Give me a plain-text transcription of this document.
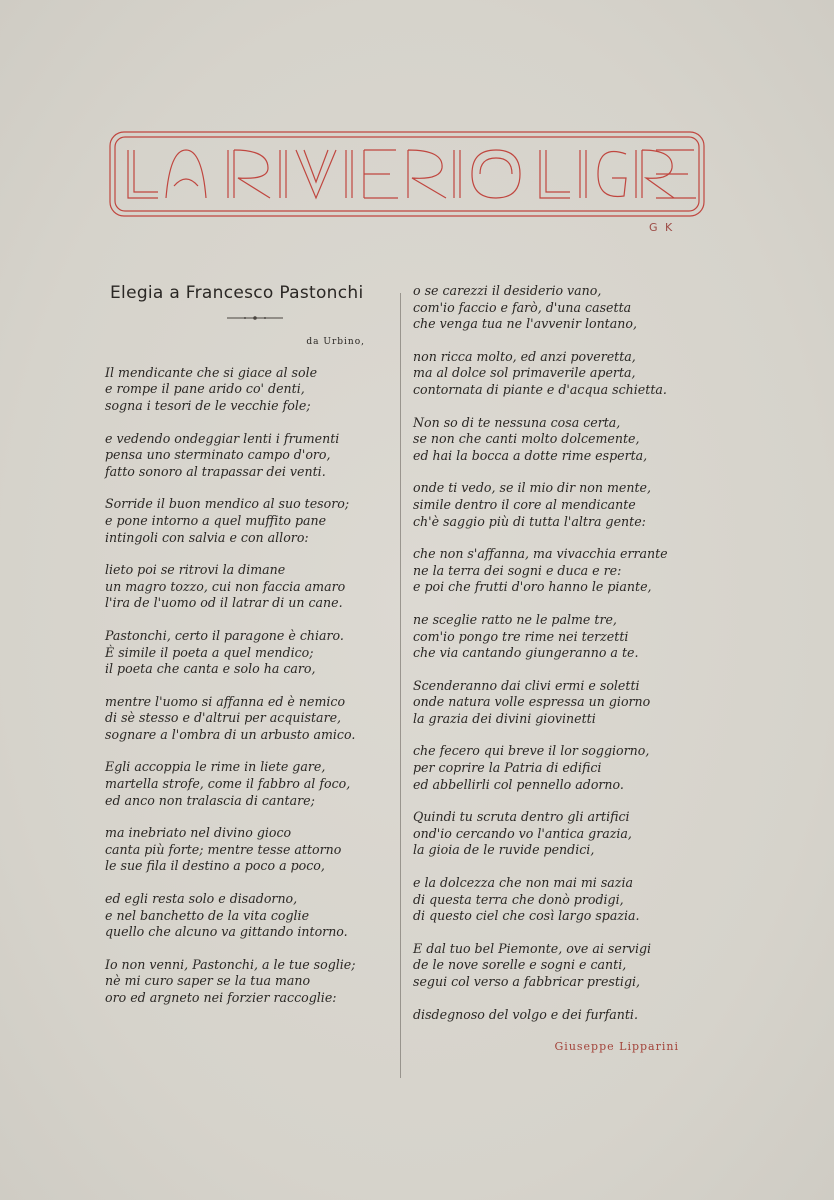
G K
Elegia a Francesco Pastonchi
da Urbino,
Il mendicante che si giace al sole
e rompe il pane arido co' denti,
sogna i tesori de le vecchie fole;
e vedendo ondeggiar lenti i frumenti
pensa uno sterminato campo d'oro,
fatto sonoro al trapassar dei venti.
Sorride il buon mendico al suo tesoro;
e pone intorno a quel muffito pane
intingoli con salvia e con alloro:
lieto poi se ritrovi la dimane
un magro tozzo, cui non faccia amaro
l'ira de l'uomo od il latrar di un cane.
Pastonchi, certo il paragone è chiaro.
È simile il poeta a quel mendico;
il poeta che canta e solo ha caro,
mentre l'uomo si affanna ed è nemico
di sè stesso e d'altrui per acquistare,
sognare a l'ombra di un arbusto amico.
Egli accoppia le rime in liete gare,
martella strofe, come il fabbro al foco,
ed anco non tralascia di cantare;
ma inebriato nel divino gioco
canta più forte; mentre tesse attorno
le sue fila il destino a poco a poco,
ed egli resta solo e disadorno,
e nel banchetto de la vita coglie
quello che alcuno va gittando intorno.
Io non venni, Pastonchi, a le tue soglie;
nè mi curo saper se la tua mano
oro ed argneto nei forzier raccoglie:
o se carezzi il desiderio vano,
com'io faccio e farò, d'una casetta
che venga tua ne l'avvenir lontano,
non ricca molto, ed anzi poveretta,
ma al dolce sol primaverile aperta,
contornata di piante e d'acqua schietta.
Non so di te nessuna cosa certa,
se non che canti molto dolcemente,
ed hai la bocca a dotte rime esperta,
onde ti vedo, se il mio dir non mente,
simile dentro il core al mendicante
ch'è saggio più di tutta l'altra gente:
che non s'affanna, ma vivacchia errante
ne la terra dei sogni e duca e re:
e poi che frutti d'oro hanno le piante,
ne sceglie ratto ne le palme tre,
com'io pongo tre rime nei terzetti
che via cantando giungeranno a te.
Scenderanno dai clivi ermi e soletti
onde natura volle espressa un giorno
la grazia dei divini giovinetti
che fecero qui breve il lor soggiorno,
per coprire la Patria di edifici
ed abbellirli col pennello adorno.
Quindi tu scruta dentro gli artifici
ond'io cercando vo l'antica grazia,
la gioia de le ruvide pendici,
e la dolcezza che non mai mi sazia
di questa terra che donò prodigi,
di questo ciel che così largo spazia.
E dal tuo bel Piemonte, ove ai servigi
de le nove sorelle e sogni e canti,
segui col verso a fabbricar prestigi,
disdegnoso del volgo e dei furfanti.
Giuseppe Lipparini
